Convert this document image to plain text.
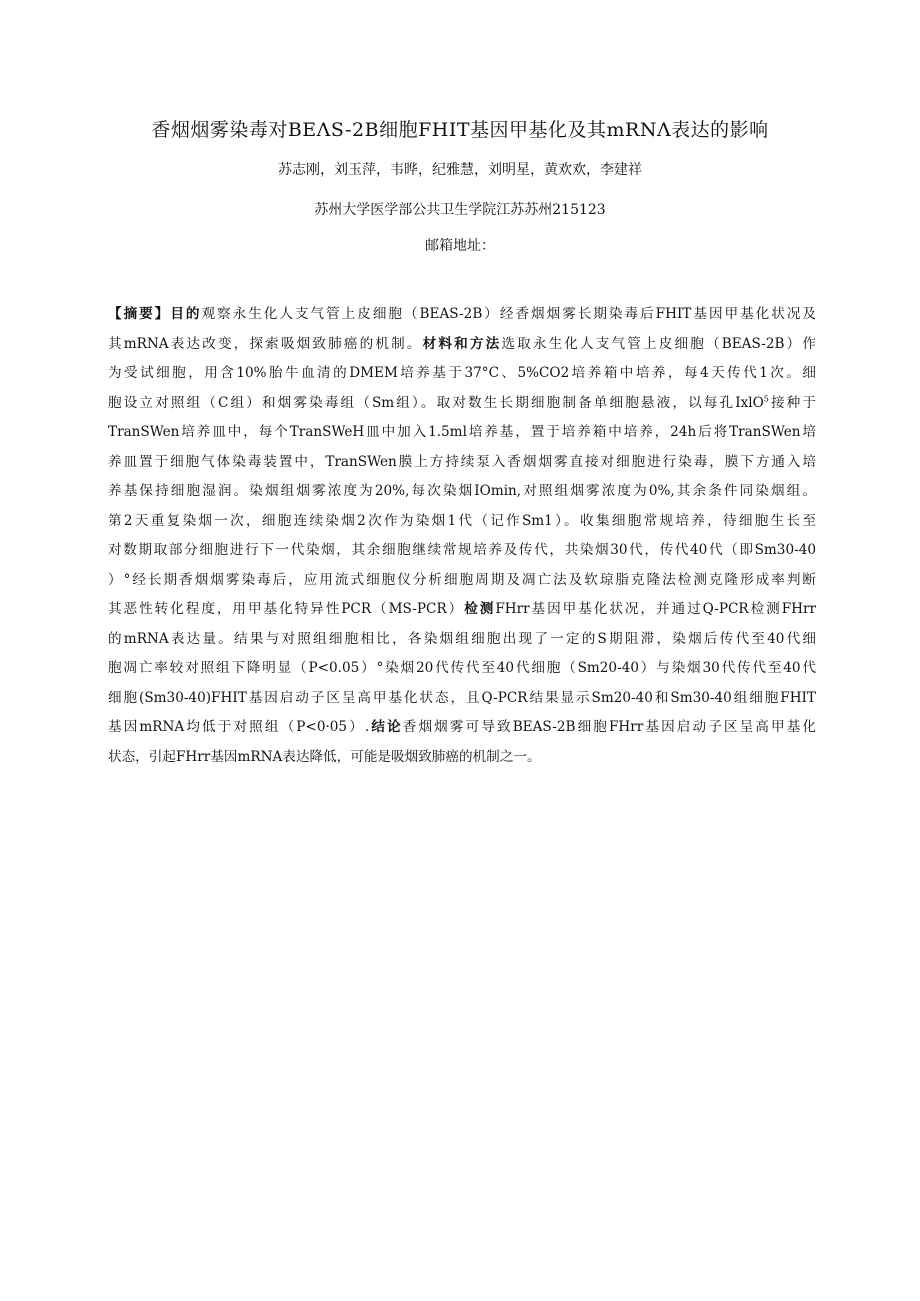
香烟烟雾染毒对BEΛS-2B细胞FHIT基因甲基化及其mRNΛ表达的影响
苏志刚，刘玉萍，韦晔，纪雅慧，刘明星，黄欢欢，李建祥
苏州大学医学部公共卫生学院江苏苏州215123
邮箱地址：
【摘要】目的观察永生化人支气管上皮细胞（BEAS-2B）经香烟烟雾长期染毒后FHIT基因甲基化状况及
其mRNA表达改变，探索吸烟致肺癌的机制。材料和方法选取永生化人支气管上皮细胞（BEAS-2B）作
为受试细胞，用含10%胎牛血清的DMEM培养基于37°C、5%CO2培养箱中培养，每4天传代1次。细
胞设立对照组（C组）和烟雾染毒组（Sm组）。取对数生长期细胞制备单细胞悬液，以每孔IxlO$^5$接种于
TranSWen培养皿中，每个TranSWeH皿中加入1.5ml培养基，置于培养箱中培养，24h后将TranSWen培
养皿置于细胞气体染毒装置中，TranSWen膜上方持续泵入香烟烟雾直接对细胞进行染毒，膜下方通入培
养基保持细胞湿润。染烟组烟雾浓度为20%,每次染烟IOmin,对照组烟雾浓度为0%,其余条件同染烟组。
第2天重复染烟一次，细胞连续染烟2次作为染烟1代（记作Sm1）。收集细胞常规培养，待细胞生长至
对数期取部分细胞进行下一代染烟，其余细胞继续常规培养及传代，共染烟30代，传代40代（即Sm30-40
）°经长期香烟烟雾染毒后，应用流式细胞仪分析细胞周期及凋亡法及软琼脂克隆法检测克隆形成率判断
其恶性转化程度，用甲基化特异性PCR（MS-PCR）检测FHrr基因甲基化状况，并通过Q-PCR检测FHrr
的mRNA表达量。结果与对照组细胞相比，各染烟组细胞出现了一定的S期阻滞，染烟后传代至40代细
胞凋亡率较对照组下降明显（P<0.05）°染烟20代传代至40代细胞（Sm20-40）与染烟30代传代至40代
细胞(Sm30-40)FHIT基因启动子区呈高甲基化状态，且Q-PCR结果显示Sm20-40和Sm30-40组细胞FHIT
基因mRNA均低于对照组（P<0·05）.结论香烟烟雾可导致BEAS-2B细胞FHrr基因启动子区呈高甲基化
状态，引起FHrr基因mRNA表达降低，可能是吸烟致肺癌的机制之一。
